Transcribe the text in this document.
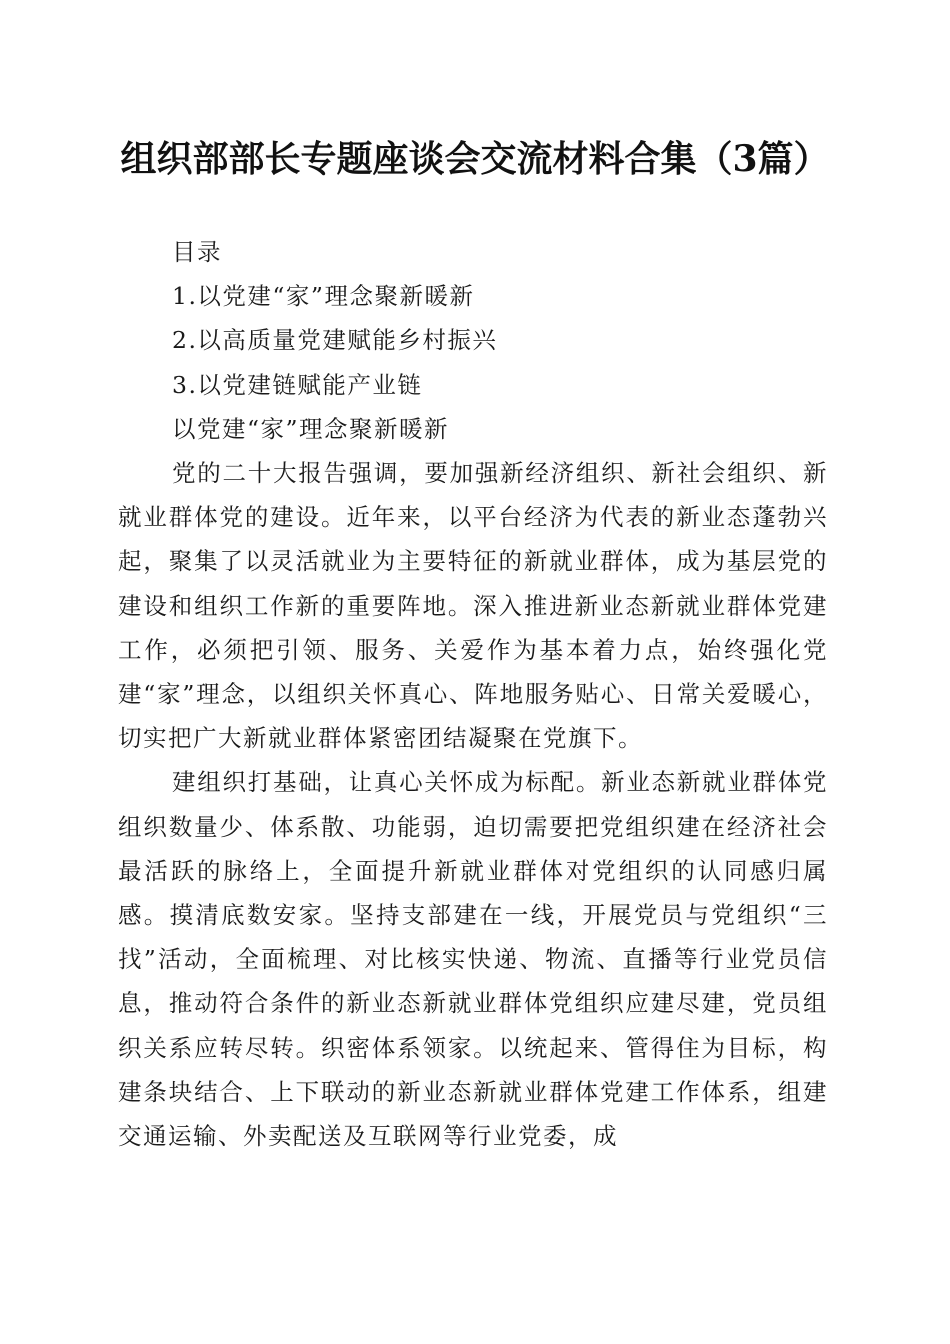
组织部部长专题座谈会交流材料合集（3篇）

目录

1.以党建“家”理念聚新暖新

2.以高质量党建赋能乡村振兴

3.以党建链赋能产业链

以党建“家”理念聚新暖新

党的二十大报告强调，要加强新经济组织、新社会组织、新就业群体党的建设。近年来，以平台经济为代表的新业态蓬勃兴起，聚集了以灵活就业为主要特征的新就业群体，成为基层党的建设和组织工作新的重要阵地。深入推进新业态新就业群体党建工作，必须把引领、服务、关爱作为基本着力点，始终强化党建“家”理念，以组织关怀真心、阵地服务贴心、日常关爱暖心，切实把广大新就业群体紧密团结凝聚在党旗下。

建组织打基础，让真心关怀成为标配。新业态新就业群体党组织数量少、体系散、功能弱，迫切需要把党组织建在经济社会最活跃的脉络上，全面提升新就业群体对党组织的认同感归属感。摸清底数安家。坚持支部建在一线，开展党员与党组织“三找”活动，全面梳理、对比核实快递、物流、直播等行业党员信息，推动符合条件的新业态新就业群体党组织应建尽建，党员组织关系应转尽转。织密体系领家。以统起来、管得住为目标，构建条块结合、上下联动的新业态新就业群体党建工作体系，组建交通运输、外卖配送及互联网等行业党委，成
